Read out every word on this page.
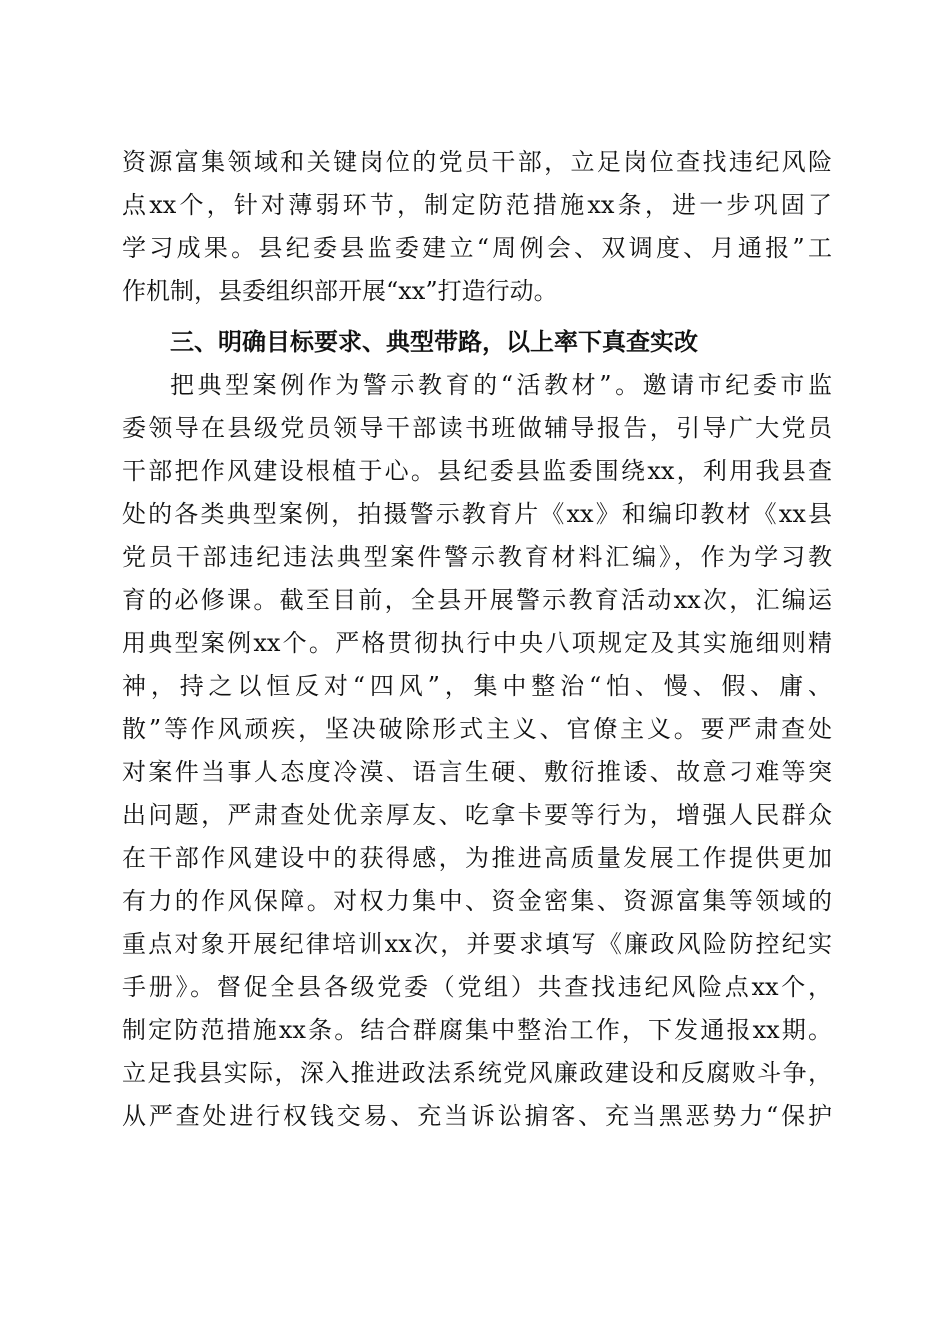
资源富集领域和关键岗位的党员干部，立足岗位查找违纪风险
点xx个，针对薄弱环节，制定防范措施xx条，进一步巩固了
学习成果。县纪委县监委建立“周例会、双调度、月通报”工
作机制，县委组织部开展“xx”打造行动。
三、明确目标要求、典型带路，以上率下真查实改
把典型案例作为警示教育的“活教材”。邀请市纪委市监
委领导在县级党员领导干部读书班做辅导报告，引导广大党员
干部把作风建设根植于心。县纪委县监委围绕xx，利用我县查
处的各类典型案例，拍摄警示教育片《xx》和编印教材《xx县
党员干部违纪违法典型案件警示教育材料汇编》，作为学习教
育的必修课。截至目前，全县开展警示教育活动xx次，汇编运
用典型案例xx个。严格贯彻执行中央八项规定及其实施细则精
神，持之以恒反对“四风”，集中整治“怕、慢、假、庸、
散”等作风顽疾，坚决破除形式主义、官僚主义。要严肃查处
对案件当事人态度冷漠、语言生硬、敷衍推诿、故意刁难等突
出问题，严肃查处优亲厚友、吃拿卡要等行为，增强人民群众
在干部作风建设中的获得感，为推进高质量发展工作提供更加
有力的作风保障。对权力集中、资金密集、资源富集等领域的
重点对象开展纪律培训xx次，并要求填写《廉政风险防控纪实
手册》。督促全县各级党委（党组）共查找违纪风险点xx个，
制定防范措施xx条。结合群腐集中整治工作，下发通报xx期。
立足我县实际，深入推进政法系统党风廉政建设和反腐败斗争，
从严查处进行权钱交易、充当诉讼掮客、充当黑恶势力“保护
